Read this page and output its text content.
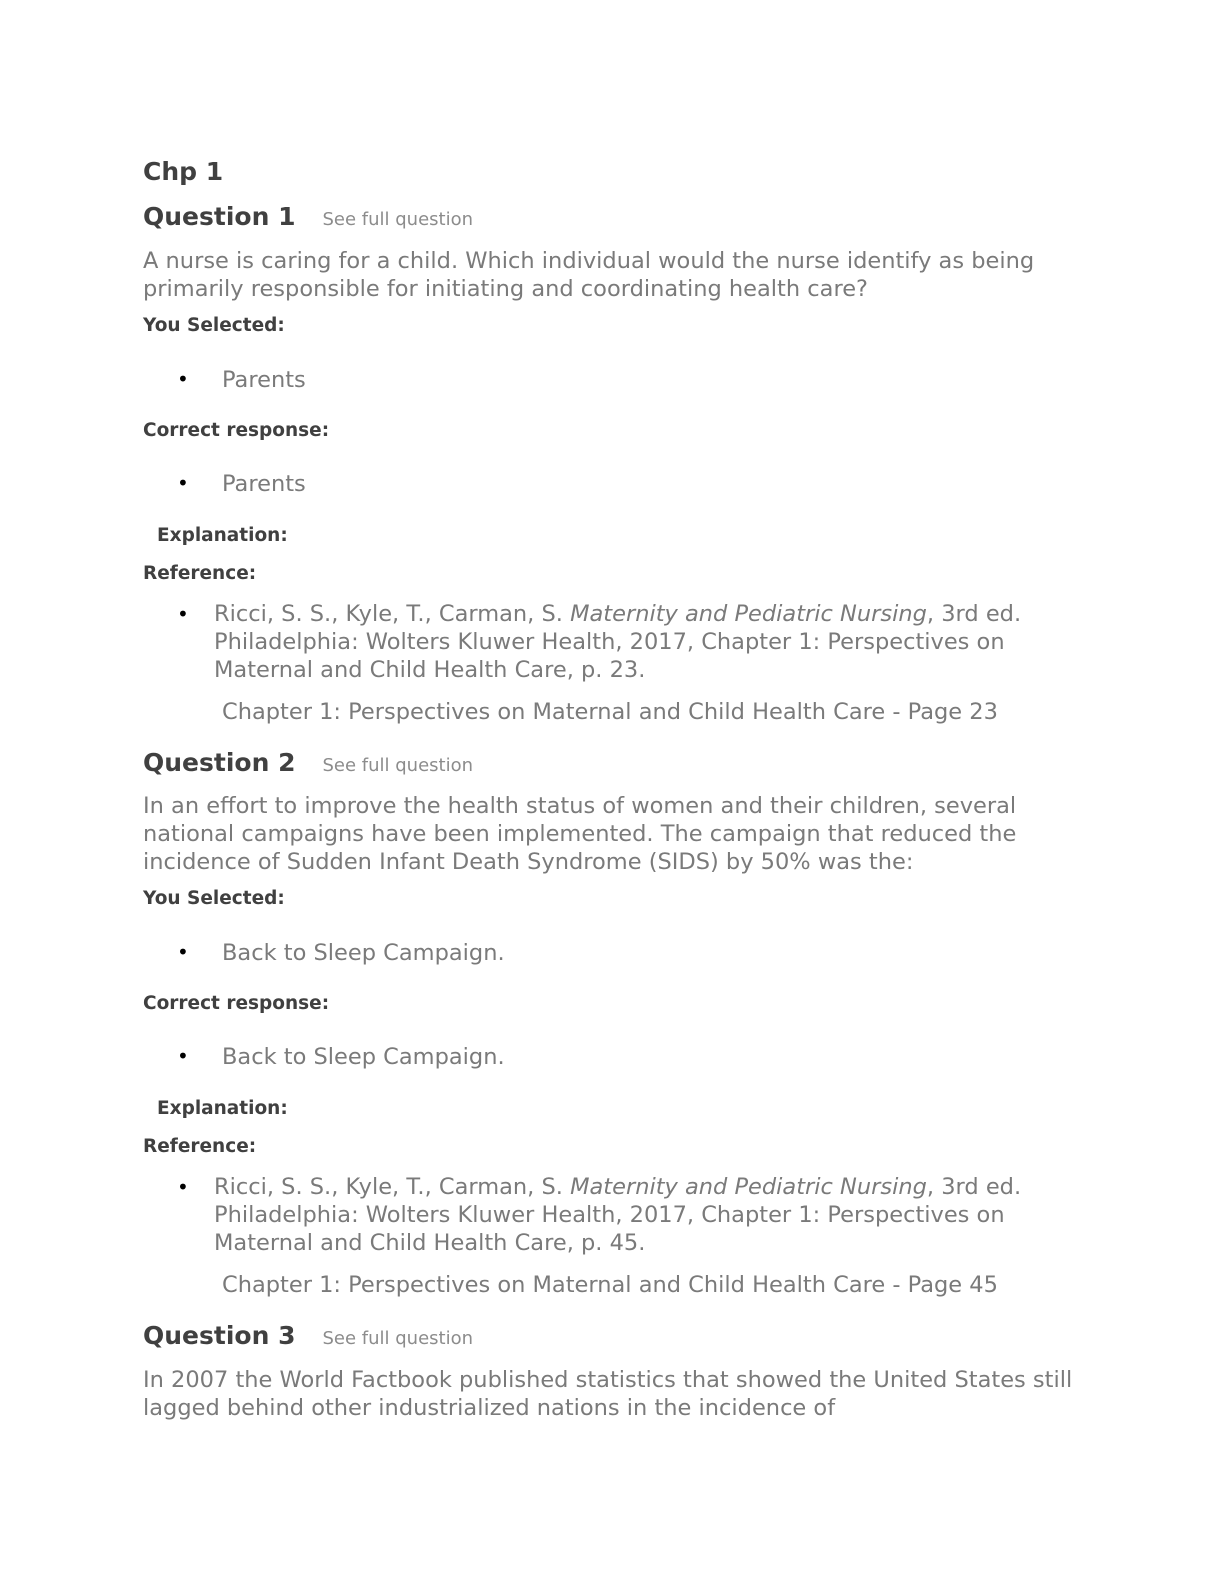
Chp 1
Question 1 See full question
A nurse is caring for a child. Which individual would the nurse identify as being primarily responsible for initiating and coordinating health care?
You Selected:
• Parents
Correct response:
• Parents
Explanation:
Reference:
• Ricci, S. S., Kyle, T., Carman, S. Maternity and Pediatric Nursing, 3rd ed. Philadelphia: Wolters Kluwer Health, 2017, Chapter 1: Perspectives on Maternal and Child Health Care, p. 23.
Chapter 1: Perspectives on Maternal and Child Health Care - Page 23
Question 2 See full question
In an effort to improve the health status of women and their children, several national campaigns have been implemented. The campaign that reduced the incidence of Sudden Infant Death Syndrome (SIDS) by 50% was the:
You Selected:
• Back to Sleep Campaign.
Correct response:
• Back to Sleep Campaign.
Explanation:
Reference:
• Ricci, S. S., Kyle, T., Carman, S. Maternity and Pediatric Nursing, 3rd ed. Philadelphia: Wolters Kluwer Health, 2017, Chapter 1: Perspectives on Maternal and Child Health Care, p. 45.
Chapter 1: Perspectives on Maternal and Child Health Care - Page 45
Question 3 See full question
In 2007 the World Factbook published statistics that showed the United States still lagged behind other industrialized nations in the incidence of
